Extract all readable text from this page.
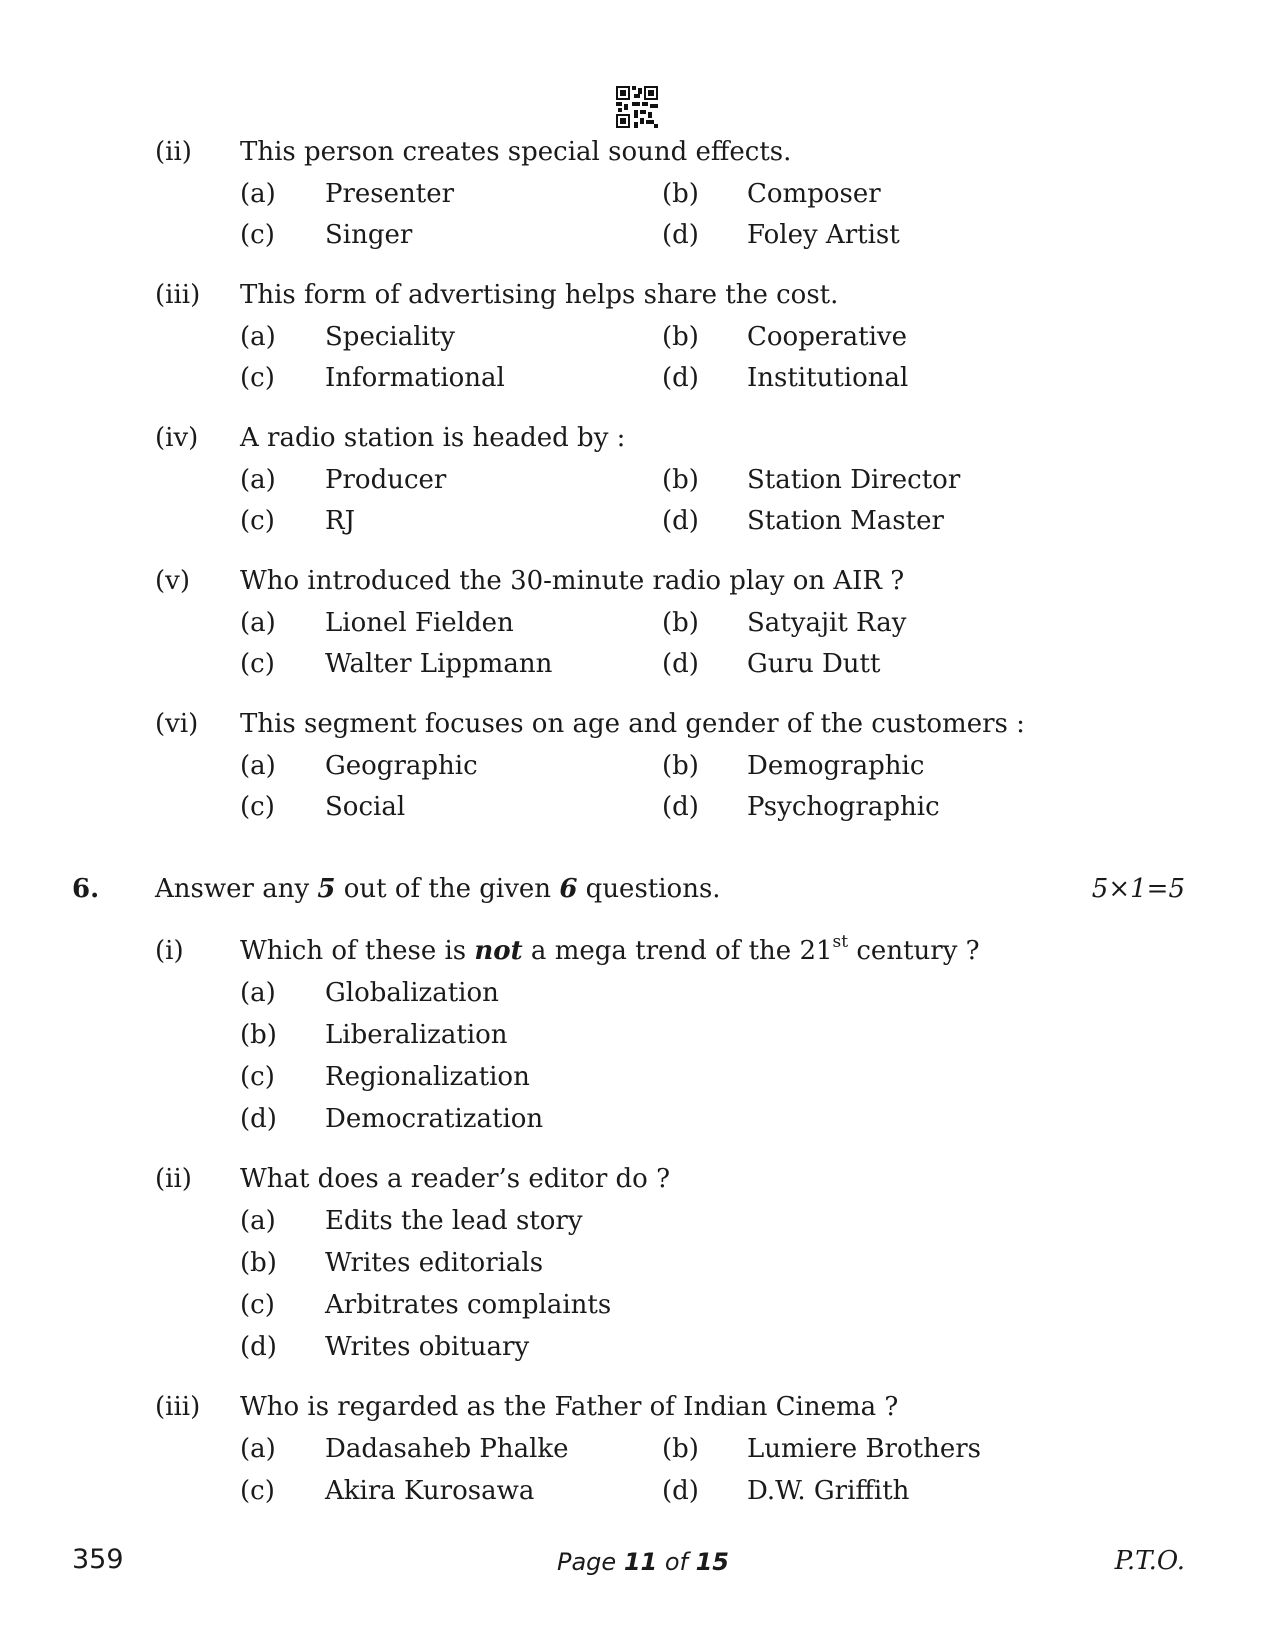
(ii) This person creates special sound effects.
(a) Presenter	(b) Composer
(c) Singer	(d) Foley Artist
(iii) This form of advertising helps share the cost.
(a) Speciality	(b) Cooperative
(c) Informational	(d) Institutional
(iv) A radio station is headed by :
(a) Producer	(b) Station Director
(c) RJ	(d) Station Master
(v) Who introduced the 30-minute radio play on AIR ?
(a) Lionel Fielden	(b) Satyajit Ray
(c) Walter Lippmann	(d) Guru Dutt
(vi) This segment focuses on age and gender of the customers :
(a) Geographic	(b) Demographic
(c) Social	(d) Psychographic
6. Answer any 5 out of the given 6 questions.	5×1=5
(i) Which of these is not a mega trend of the 21st century ?
(a) Globalization
(b) Liberalization
(c) Regionalization
(d) Democratization
(ii) What does a reader’s editor do ?
(a) Edits the lead story
(b) Writes editorials
(c) Arbitrates complaints
(d) Writes obituary
(iii) Who is regarded as the Father of Indian Cinema ?
(a) Dadasaheb Phalke	(b) Lumiere Brothers
(c) Akira Kurosawa	(d) D.W. Griffith
359	Page 11 of 15	P.T.O.
